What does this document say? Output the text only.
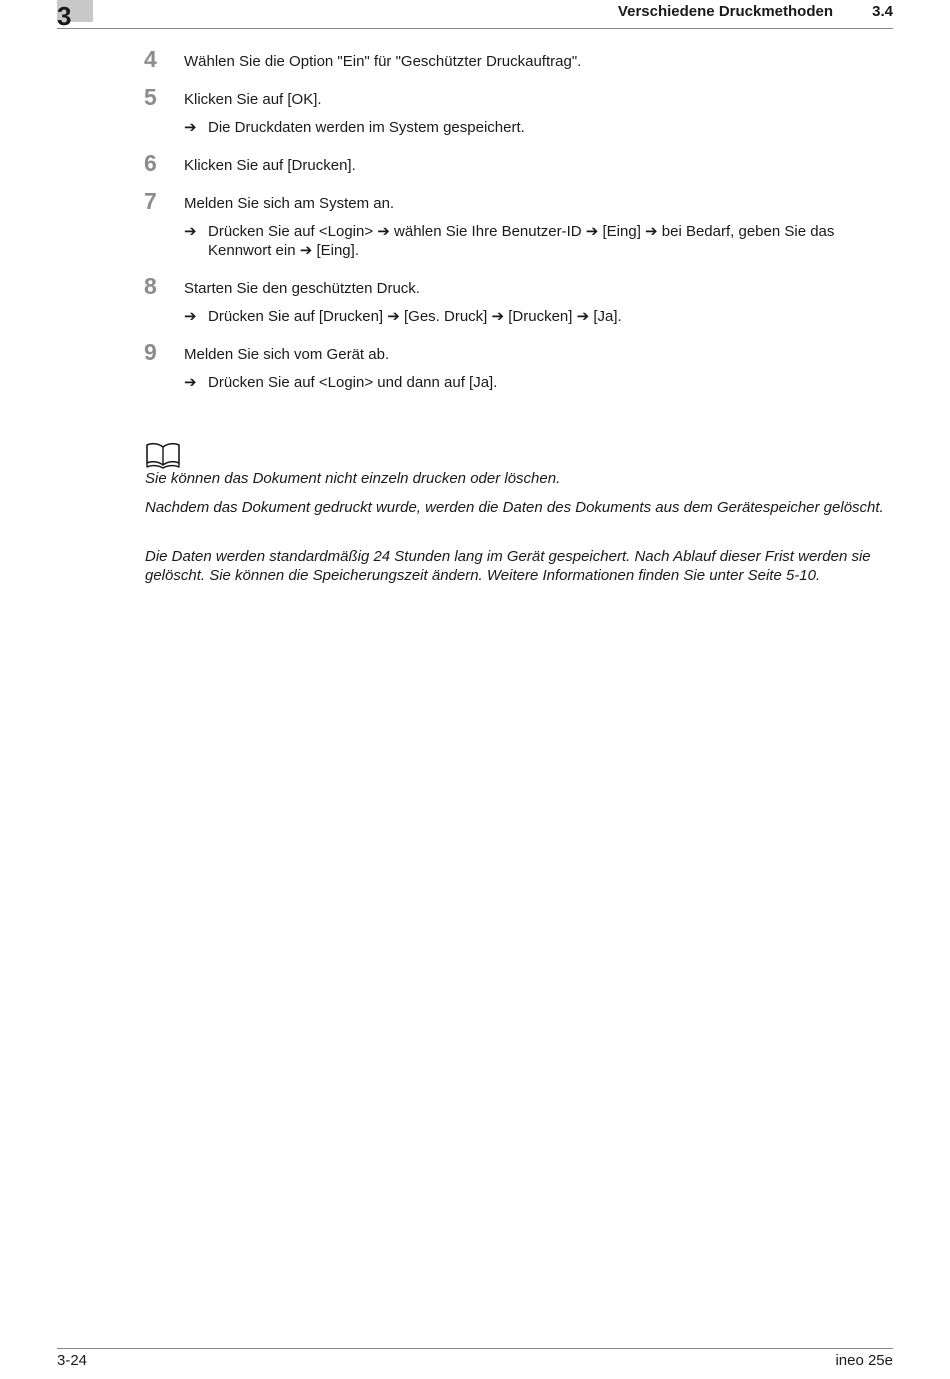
3	Verschiedene Druckmethoden	3.4
4 Wählen Sie die Option "Ein" für "Geschützter Druckauftrag".
5 Klicken Sie auf [OK].
➔ Die Druckdaten werden im System gespeichert.
6 Klicken Sie auf [Drucken].
7 Melden Sie sich am System an.
➔ Drücken Sie auf <Login> ➔ wählen Sie Ihre Benutzer-ID ➔ [Eing] ➔ bei Bedarf, geben Sie das Kennwort ein ➔ [Eing].
8 Starten Sie den geschützten Druck.
➔ Drücken Sie auf [Drucken] ➔ [Ges. Druck] ➔ [Drucken] ➔ [Ja].
9 Melden Sie sich vom Gerät ab.
➔ Drücken Sie auf <Login> und dann auf [Ja].
Sie können das Dokument nicht einzeln drucken oder löschen.
Nachdem das Dokument gedruckt wurde, werden die Daten des Dokuments aus dem Gerätespeicher gelöscht.
Die Daten werden standardmäßig 24 Stunden lang im Gerät gespeichert. Nach Ablauf dieser Frist werden sie gelöscht. Sie können die Speicherungszeit ändern. Weitere Informationen finden Sie unter Seite 5-10.
3-24	ineo 25e
